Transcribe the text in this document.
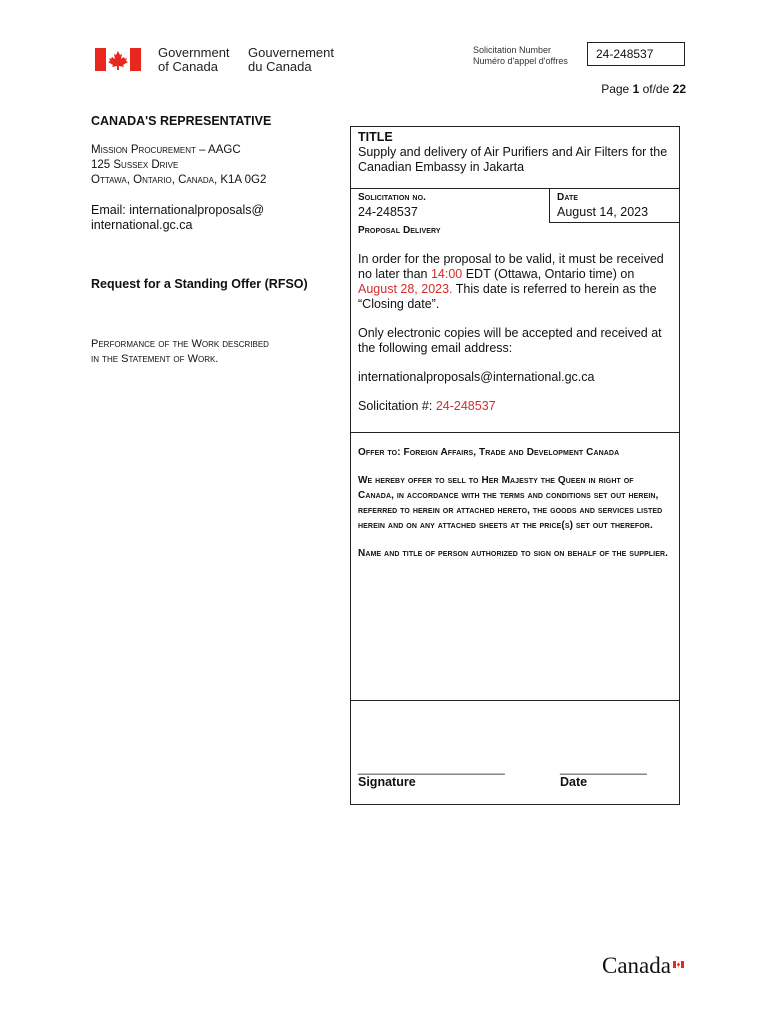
Government
of Canada
Gouvernement
du Canada
Solicitation Number
Numéro d'appel d'offres	24-248537
Page 1 of/de 22
CANADA'S REPRESENTATIVE
Mission Procurement – AAGC
125 Sussex Drive
Ottawa, Ontario, Canada, K1A 0G2
Email: internationalproposals@
international.gc.ca
Request for a Standing Offer (RFSO)
Performance of the Work described
in the Statement of Work.
TITLE
Supply and delivery of Air Purifiers and Air Filters for the Canadian Embassy in Jakarta
Solicitation no.
24-248537
Date
August 14, 2023
Proposal Delivery

In order for the proposal to be valid, it must be received no later than 14:00 EDT (Ottawa, Ontario time) on August 28, 2023. This date is referred to herein as the “Closing date”.

Only electronic copies will be accepted and received at the following email address:

internationalproposals@international.gc.ca

Solicitation #: 24-248537

Offer to: Foreign Affairs, Trade and Development Canada
We hereby offer to sell to Her Majesty the Queen in right of Canada, in accordance with the terms and conditions set out herein, referred to herein or attached hereto, the goods and services listed herein and on any attached sheets at the price(s) set out therefor.
Name and title of person authorized to sign on behalf of the supplier.
______________________
Signature
_____________
Date
Canada
